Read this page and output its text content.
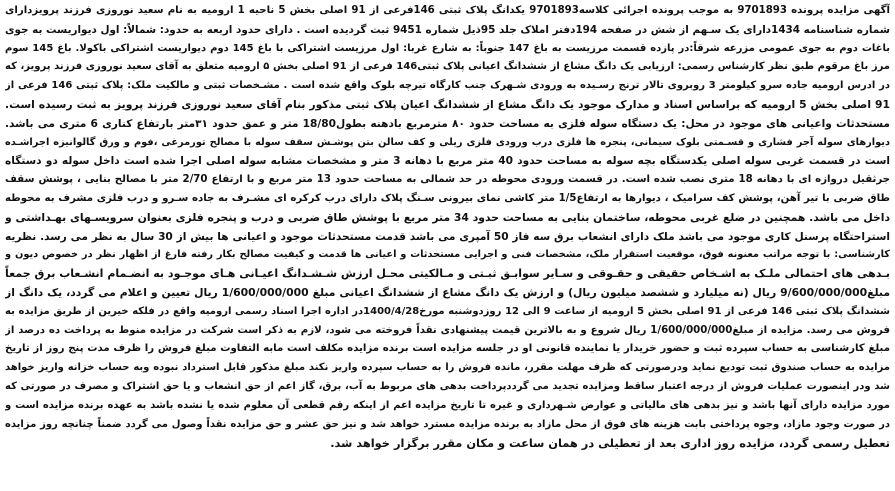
آگهی مزایده پرونده 9701893 به موجب پرونده اجرائی کلاسه9701893 یکدانگ پلاک ثبتی 146فرعی از 91 اصلی بخش 5 ناحیه 1 ارومیه به نام سعید نوروزی فرزند پرویزدارای
شماره شناسنامه 1434دارای یک سـهم از شش در صفحه 194دفتر املاک جلد 95ذیل شماره 9451 ثبت گردیده است . دارای حدود اربعه به حدود: شمالاً: اول دیواریست به جوی
باغات دوم به جوی عمومی مزرعه شرقاً:در پازده قسمت مرزیست به باغ 147 جنوباً: به شارع غربا: اول مرزیست اشتراکی با باغ 145 دوم دیواریست اشتراکی باکولا. باغ 145 سوم
مرز باغ مرقوم طبق نظر کارشناس رسمی: ارزیابی یک دانگ مشاع از ششدانگ اعیانی پلاک ثبتی146 فرعی از 91 اصلی بخش ۵ ارومیه متعلق به آقای سعید نوروزی فرزند پرویز، که
در ادرس ارومیه جاده سرو کیلومتر 3 روبروی تالار ترنج رسـیده به ورودی شـهرک جنب کارگاه تیرچه بلوک واقع شده است . مشـخصات ثبتی و مالکیت ملک: پلاک ثبتی 146 فرعی از
91 اصلی بخش 5 ارومیه که براساس اسناد و مدارک موجود یک دانگ مشاع از ششدانگ اعیان پلاک ثبتی مذکور بنام آقای سعید نوروزی فرزند پرویز به ثبت رسیده است.
مستحدثات واعیانی های موجود در محل: یک دستگاه سوله فلزی به مساحت حدود ۸۰ مترمربع بادهنه بطول18/80 متر و عمق حدود ۳۱متر بارتفاع کناری 6 متری می باشد.
دیوارهای سوله آجر فشاری و قسـمتی بلوک سیمانی، پنجره ها فلزی درب ورودی فلزی ریلی و کف سالن بتن پوشـش سقف سوله با مصالح تورمرغی ،فوم و ورق گالوانیزه اجراشـده
است در قسمت غربی سوله اصلی یکدستگاه بچه سوله به مساحت حدود 40 متر مربع با دهانه 3 متر و مشخصات مشابه سوله اصلی اجرا شده است داخل سوله دو دستگاه
جرثقیل دروازه ای با دهانه 18 متری نصب شده است. در قسمت ورودی محوطه در حد شمالی به مساحت حدود 13 متر مربع و با ارتفاع 2/70 متر با مصالح بنایی ، پوشش سقف
طاق ضربی با تیر آهن، پوشش کف سرامیک ، دیوارها به ارتفاع1/5 متر کاشی نمای بیرونی سـنگ پلاک دارای درب کرکره ای مشـرف به جاده سـرو و درب فلزی مشرف به محوطه
داخل می باشد. همچنین در ضلع غربی محوطه، ساختمان بنایی به مساحت حدود 34 متر مربع با پوشش طاق ضربی و درب و پنجره فلزی بعنوان سرویسـهای بهـداشتی و
استراحتگاه پرسنل کاری موجود می باشد ملک دارای انشعاب برق سه فاز 50 آمپری می باشد قدمت مستحدثات موجود و اعیانی ها بیش از 30 سال به نظر می رسد. نظریه
کارشناسی: با توجه مراتب معنونه فوق، موقعیت استقرار ملک، مشخصات فنی و اجرایی مستحدثات و اعیانی ها قدمت و کیفیت مصالح بکار رفته فارغ از اظهار نظر در خصوص دیون و
بـدهی های احتمالی ملـک به اشـخاص حقیقی و حقـوقی و سـایر سوابـق ثبـتی و مـالکیتی محـل ارزش شـشـدانگ اعیـانی هـای موجـود به انضـمام انشـعاب برق جمعاً
مبلغ9/600/000/000 ریال (نه میلیارد و ششصد میلیون ریال) و ارزش یک دانگ مشاع از ششدانگ اعیانی مبلغ 1/600/000/000 ریال تعیین و اعلام می گردد، یک دانگ از
ششدانگ پلاک ثبتی 146 فرعی از 91 اصلی بخش 5 ارومیه از ساعت 9 الی 12 روزدوشنبه مورخ1400/4/28در اداره اجرا اسناد رسمی ارومیه واقع در فلکه خیرین از طریق مزایده به
فروش می رسد. مزایده از مبلغ1/600/000/000 ریال شروع و به بالاترین قیمت پیشنهادی نقداً فروخته می شود، لازم به ذکر است شرکت در مزایده منوط به پرداخت ده درصد از
مبلغ کارشناسی به حساب سپرده ثبت و حضور خریدار یا نماینده قانونی او در جلسه مزایده است برنده مزایده مکلف است مابه التفاوت مبلغ فروش را ظرف مدت پنج روز از تاریخ
مزایده به حساب صندوق ثبت تودیع نماید ودرصورتی که ظرف مهلت مقرر، مانده فروش را به حساب سپرده واریز نکند مبلغ مذکور قابل استرداد نبوده وبه حساب خزانه واریز خواهد
شد ودر اینصورت عملیات فروش از درجه اعتبار ساقط ومزایده تجدید می گرددپرداخت بدهی های مربوط به آب، برق، گاز اعم از حق انشعاب و یا حق اشتراک و مصرف در صورتی که
مورد مزایده دارای آنها باشد و نیز بدهی های مالیاتی و عوارض شـهرداری و غیره تا تاریخ مزایده اعم از اینکه رقم قطعی آن معلوم شده یا نشده باشد به عهده برنده مزایده است و
در صورت وجود مازاد، وجوه پرداختی بابت هزینه های فوق از محل مازاد به برنده مزایده مسترد خواهد شد و نیز حق عشر و حق مزایده نقداً وصول می گردد ضمناً چنانچه روز مزایده
تعطیل رسمی گردد، مزایده روز اداری بعد از تعطیلی در همان ساعت و مکان مقرر برگزار خواهد شد.
